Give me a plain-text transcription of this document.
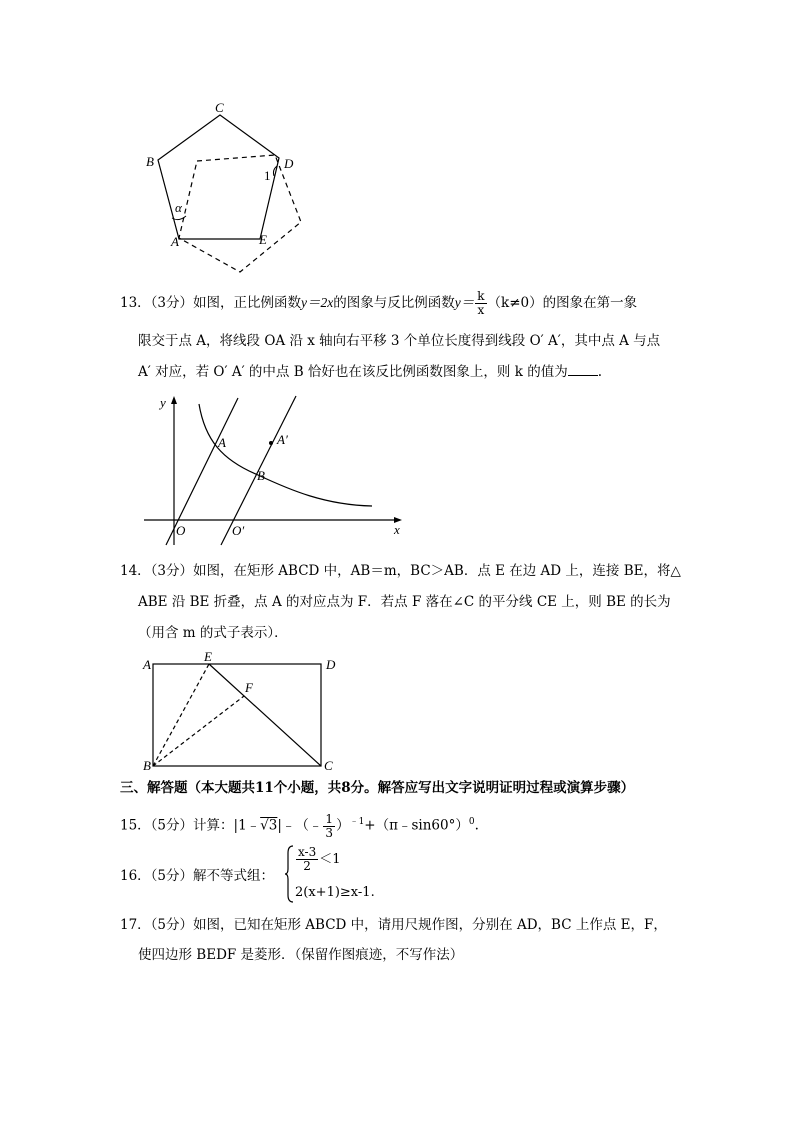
C
B	D
1
α
A	E
13．（3分）如图，正比例函数y＝2x的图象与反比例函数$y= \frac{k}{x} (k\ne 0)$的图象在第一象
限交于点 A，将线段 OA 沿 x 轴向右平移 3 个单位长度得到线段 O′ A′，其中点 A 与点
A′ 对应，若 O′ A′ 的中点 B 恰好也在该反比例函数图象上，则 k 的值为 .
y
x
O	O′
A	A′
B
14．（3分）如图，在矩形 ABCD 中，AB＝m，BC＞AB．点 E 在边 AD 上，连接 BE，将△
ABE 沿 BE 折叠，点 A 的对应点为 F．若点 F 落在∠C 的平分线 CE 上，则 BE 的长为
（用含 m 的式子表示）．
A
E
D
F
B	C
三、解答题（本大题共11个小题，共8分。解答应写出文字说明证明过程或演算步骤）
15．（5分）计算：|1﹣√3|﹣（﹣ $\frac{1}{3}$ ）$^{﹣1}$+（π﹣sin60°）$^0$.
16．（5分）解不等式组：
$\frac{x-3}{2} <1$
2(x+1)≥x-1.
17．（5分）如图，已知在矩形 ABCD 中，请用尺规作图，分别在 AD，BC 上作点 E，F，
使四边形 BEDF 是菱形．（保留作图痕迹，不写作法）
